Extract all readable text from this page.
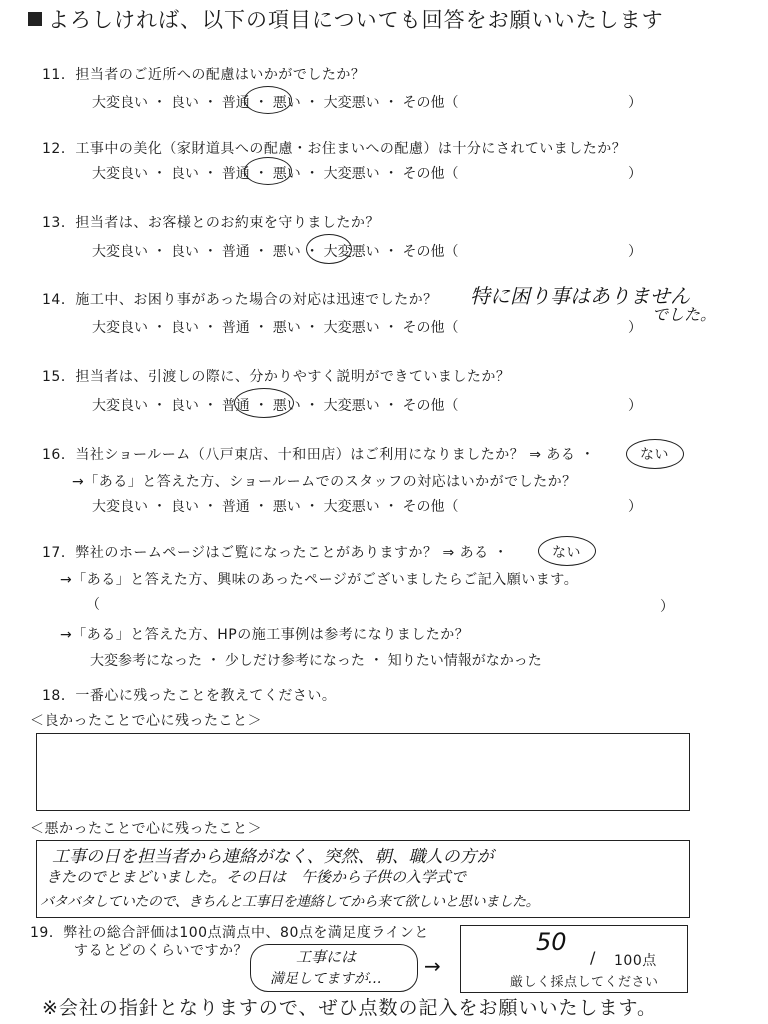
よろしければ、以下の項目についても回答をお願いいたします
11．担当者のご近所への配慮はいかがでしたか？
大変良い ・ 良い ・ 普通 ・ 悪い ・ 大変悪い ・ その他（	）
12．工事中の美化（家財道具への配慮・お住まいへの配慮）は十分にされていましたか？
大変良い ・ 良い ・ 普通 ・ 悪い ・ 大変悪い ・ その他（	）
13．担当者は、お客様とのお約束を守りましたか？
大変良い ・ 良い ・ 普通 ・ 悪い ・ 大変悪い ・ その他（	）
14．施工中、お困り事があった場合の対応は迅速でしたか？ 特に困り事はありません
でした。
大変良い ・ 良い ・ 普通 ・ 悪い ・ 大変悪い ・ その他（	）
15．担当者は、引渡しの際に、分かりやすく説明ができていましたか？
大変良い ・ 良い ・ 普通 ・ 悪い ・ 大変悪い ・ その他（	）
16．当社ショールーム（八戸東店、十和田店）はご利用になりましたか？ ⇒ ある ・	ない
→「ある」と答えた方、ショールームでのスタッフの対応はいかがでしたか？
大変良い ・ 良い ・ 普通 ・ 悪い ・ 大変悪い ・ その他（	）
17．弊社のホームページはご覧になったことがありますか？ ⇒ ある ・	ない
→「ある」と答えた方、興味のあったページがございましたらご記入願います。
（	）
→「ある」と答えた方、HPの施工事例は参考になりましたか？
大変参考になった ・ 少しだけ参考になった ・ 知りたい情報がなかった
18．一番心に残ったことを教えてください。
＜良かったことで心に残ったこと＞
＜悪かったことで心に残ったこと＞
工事の日を担当者から連絡がなく、突然、朝、職人の方が
きたのでとまどいました。その日は　午後から子供の入学式で
バタバタしていたので、きちんと工事日を連絡してから来て欲しいと思いました。
19．弊社の総合評価は100点満点中、80点を満足度ラインと
するとどのくらいですか？	工事には
満足してますが…
→
50
/ 100点
厳しく採点してください
※会社の指針となりますので、ぜひ点数の記入をお願いいたします。
